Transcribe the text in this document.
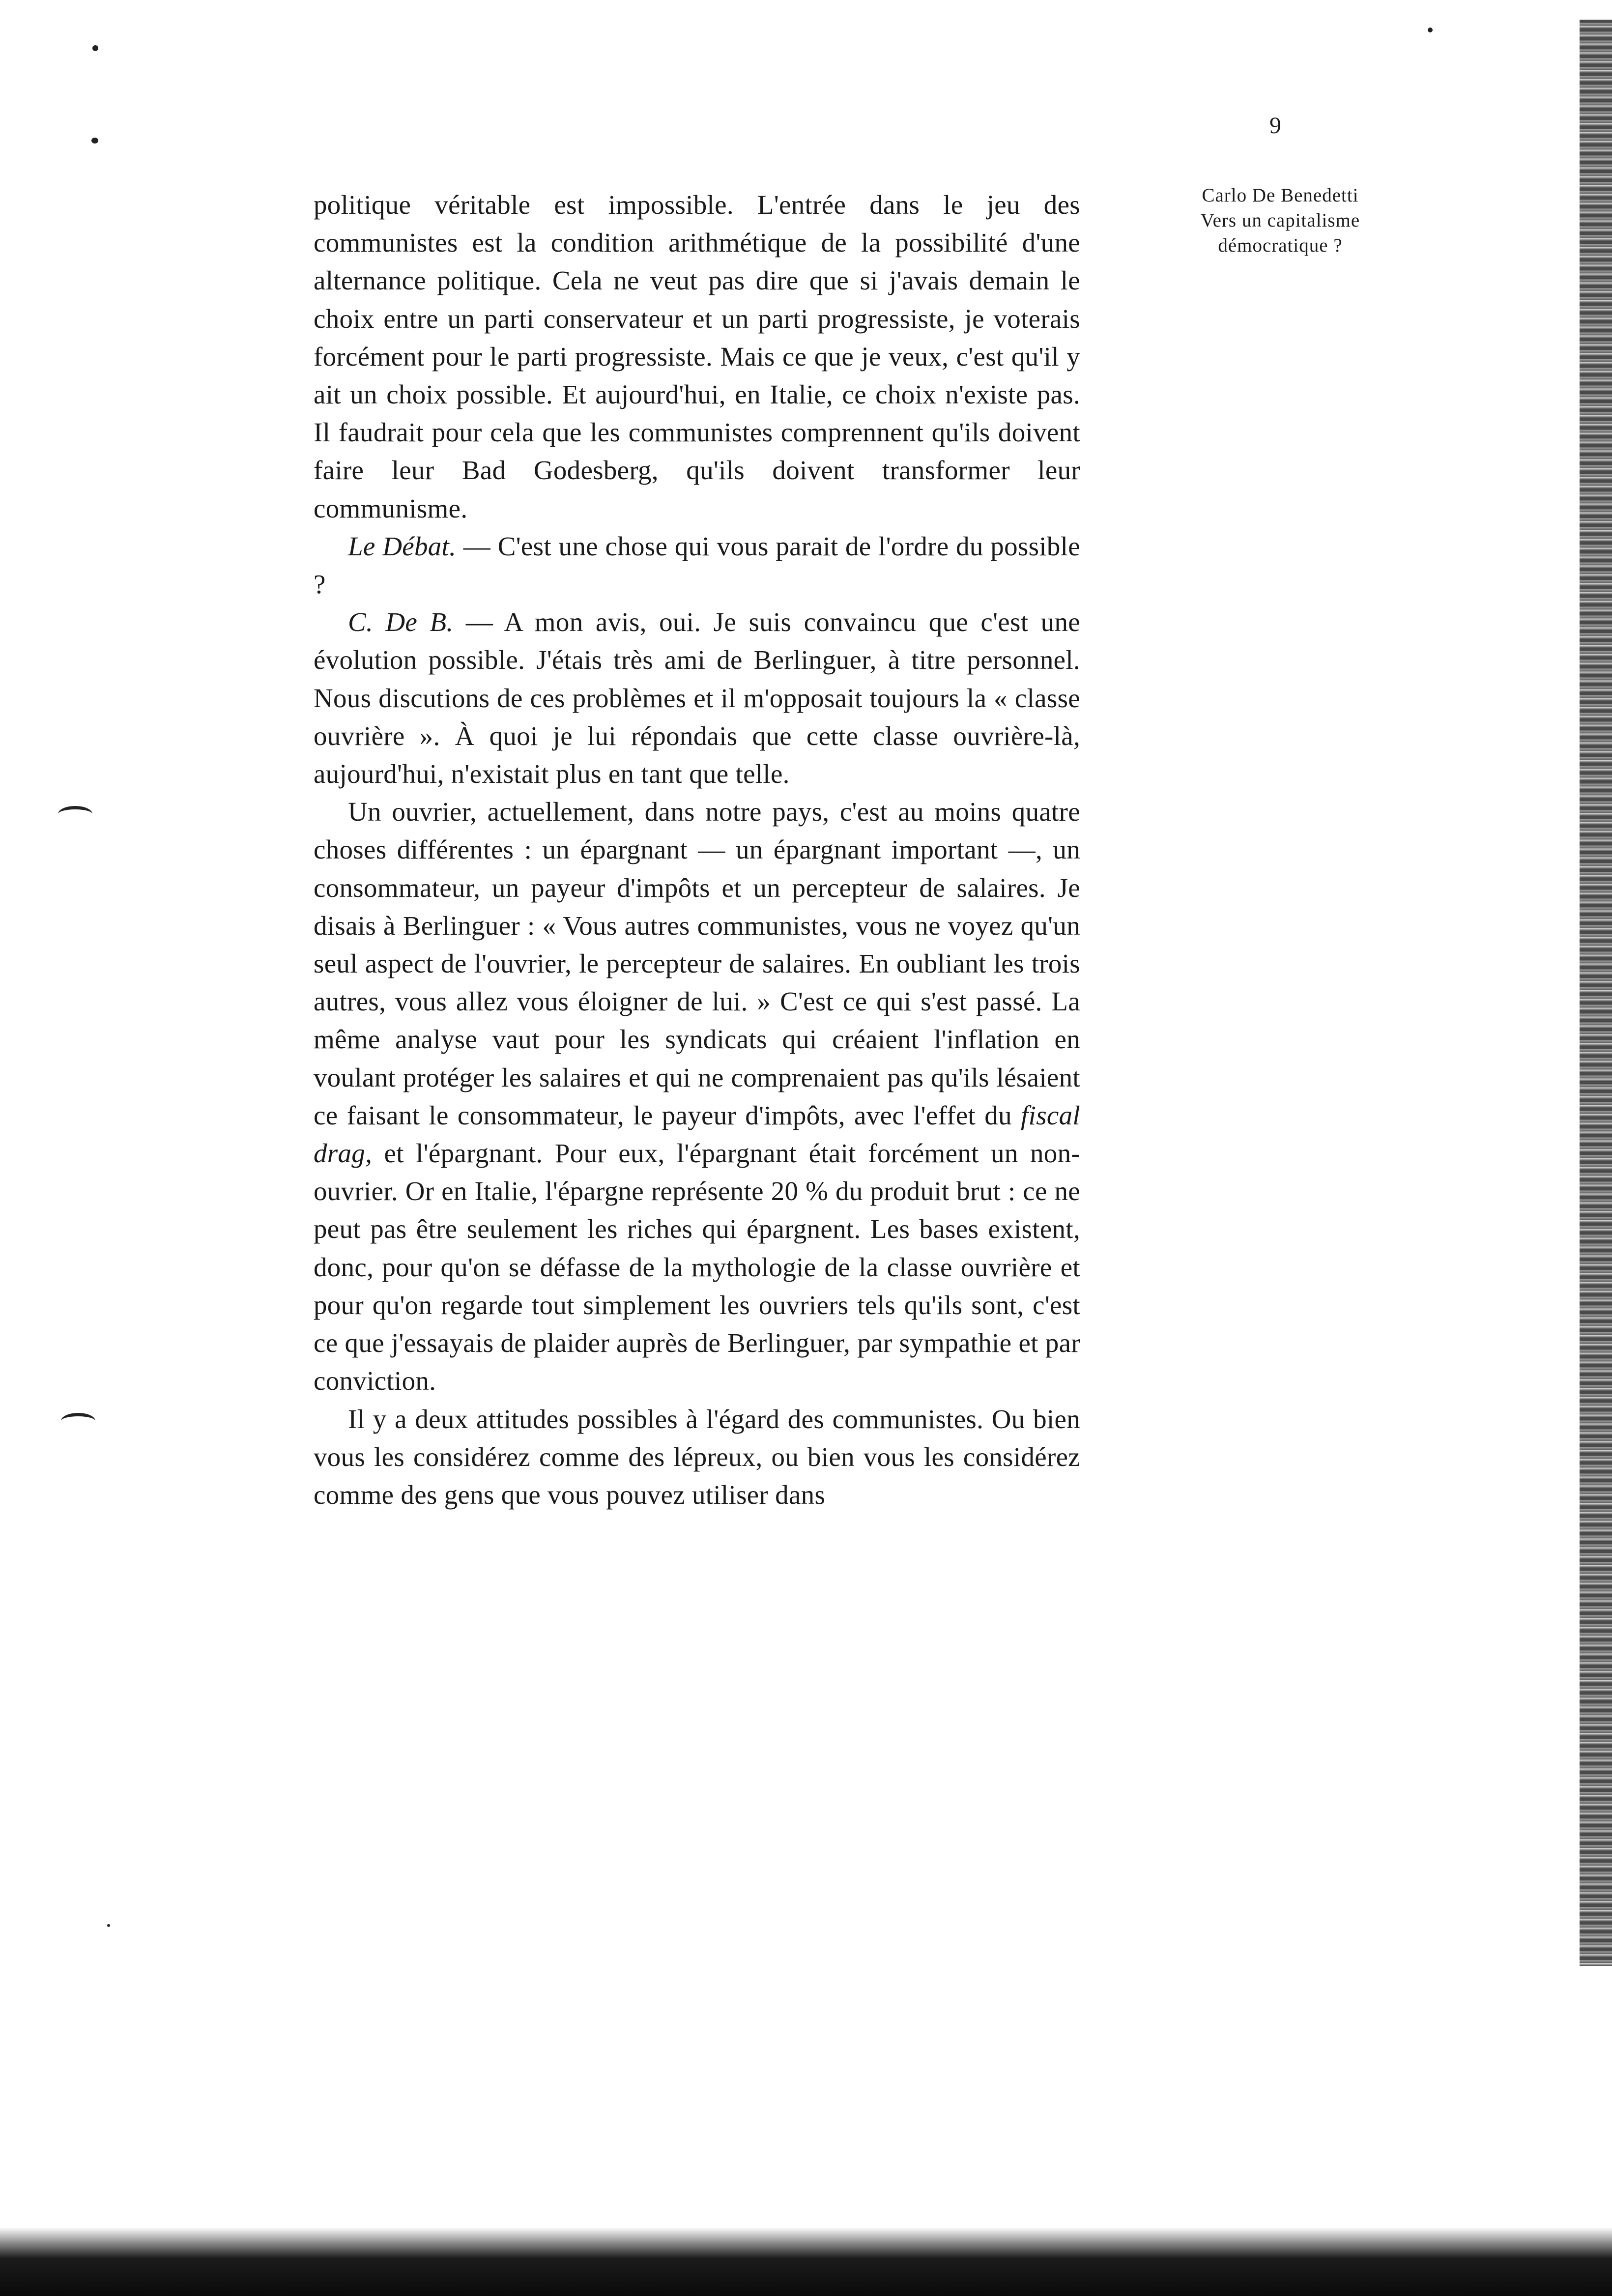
9
Carlo De Benedetti
Vers un capitalisme
démocratique ?

politique véritable est impossible. L'entrée dans le jeu des communistes est la condition arithmétique de la possibilité d'une alternance politique. Cela ne veut pas dire que si j'avais demain le choix entre un parti conservateur et un parti progressiste, je voterais forcément pour le parti progressiste. Mais ce que je veux, c'est qu'il y ait un choix possible. Et aujourd'hui, en Italie, ce choix n'existe pas. Il faudrait pour cela que les communistes comprennent qu'ils doivent faire leur Bad Godesberg, qu'ils doivent transformer leur communisme.

Le Débat. — C'est une chose qui vous parait de l'ordre du possible ?

C. De B. — A mon avis, oui. Je suis convaincu que c'est une évolution possible. J'étais très ami de Berlinguer, à titre personnel. Nous discutions de ces problèmes et il m'opposait toujours la « classe ouvrière ». À quoi je lui répondais que cette classe ouvrière-là, aujourd'hui, n'existait plus en tant que telle.

Un ouvrier, actuellement, dans notre pays, c'est au moins quatre choses différentes : un épargnant — un épargnant important —, un consommateur, un payeur d'impôts et un percepteur de salaires. Je disais à Berlinguer : « Vous autres communistes, vous ne voyez qu'un seul aspect de l'ouvrier, le percepteur de salaires. En oubliant les trois autres, vous allez vous éloigner de lui. » C'est ce qui s'est passé. La même analyse vaut pour les syndicats qui créaient l'inflation en voulant protéger les salaires et qui ne comprenaient pas qu'ils lésaient ce faisant le consommateur, le payeur d'impôts, avec l'effet du fiscal drag, et l'épargnant. Pour eux, l'épargnant était forcément un non-ouvrier. Or en Italie, l'épargne représente 20 % du produit brut : ce ne peut pas être seulement les riches qui épargnent. Les bases existent, donc, pour qu'on se défasse de la mythologie de la classe ouvrière et pour qu'on regarde tout simplement les ouvriers tels qu'ils sont, c'est ce que j'essayais de plaider auprès de Berlinguer, par sympathie et par conviction.

Il y a deux attitudes possibles à l'égard des communistes. Ou bien vous les considérez comme des lépreux, ou bien vous les considérez comme des gens que vous pouvez utiliser dans
